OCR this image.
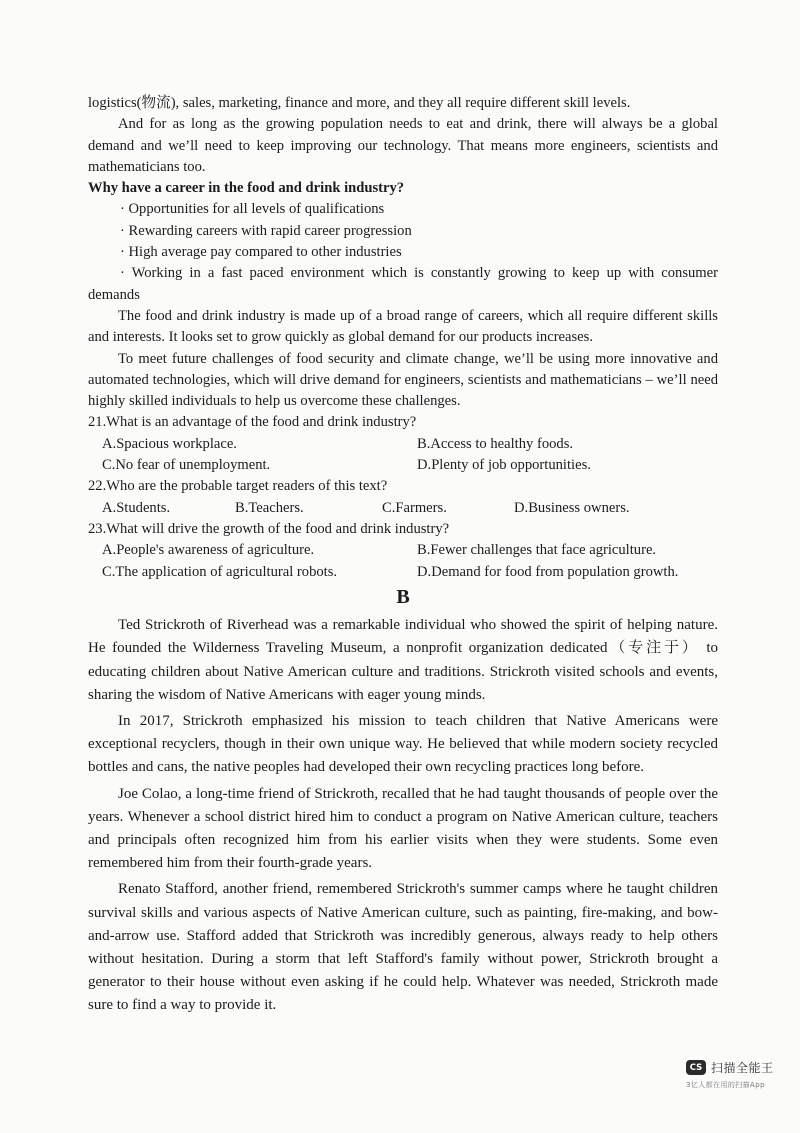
logistics(物流), sales, marketing, finance and more, and they all require different skill levels.

And for as long as the growing population needs to eat and drink, there will always be a global demand and we’ll need to keep improving our technology. That means more engineers, scientists and mathematicians too.

Why have a career in the food and drink industry?

· Opportunities for all levels of qualifications

· Rewarding careers with rapid career progression

· High average pay compared to other industries

· Working in a fast paced environment which is constantly growing to keep up with consumer demands

The food and drink industry is made up of a broad range of careers, which all require different skills and interests. It looks set to grow quickly as global demand for our products increases.

To meet future challenges of food security and climate change, we’ll be using more innovative and automated technologies, which will drive demand for engineers, scientists and mathematicians – we’ll need highly skilled individuals to help us overcome these challenges.

21.What is an advantage of the food and drink industry?

A.Spacious workplace.	B.Access to healthy foods.
C.No fear of unemployment.	D.Plenty of job opportunities.

22.Who are the probable target readers of this text?

A.Students.	B.Teachers.	C.Farmers.	D.Business owners.

23.What will drive the growth of the food and drink industry?

A.People's awareness of agriculture.	B.Fewer challenges that face agriculture.
C.The application of agricultural robots.	D.Demand for food from population growth.
B

Ted Strickroth of Riverhead was a remarkable individual who showed the spirit of helping nature. He founded the Wilderness Traveling Museum, a nonprofit organization dedicated（专注于） to educating children about Native American culture and traditions. Strickroth visited schools and events, sharing the wisdom of Native Americans with eager young minds.

In 2017, Strickroth emphasized his mission to teach children that Native Americans were exceptional recyclers, though in their own unique way. He believed that while modern society recycled bottles and cans, the native peoples had developed their own recycling practices long before.

Joe Colao, a long-time friend of Strickroth, recalled that he had taught thousands of people over the years. Whenever a school district hired him to conduct a program on Native American culture, teachers and principals often recognized him from his earlier visits when they were students. Some even remembered him from their fourth-grade years.

Renato Stafford, another friend, remembered Strickroth's summer camps where he taught children survival skills and various aspects of Native American culture, such as painting, fire-making, and bow-and-arrow use. Stafford added that Strickroth was incredibly generous, always ready to help others without hesitation. During a storm that left Stafford's family without power, Strickroth brought a generator to their house without even asking if he could help. Whatever was needed, Strickroth made sure to find a way to provide it.

CS 扫描全能王
3亿人都在用的扫描App
